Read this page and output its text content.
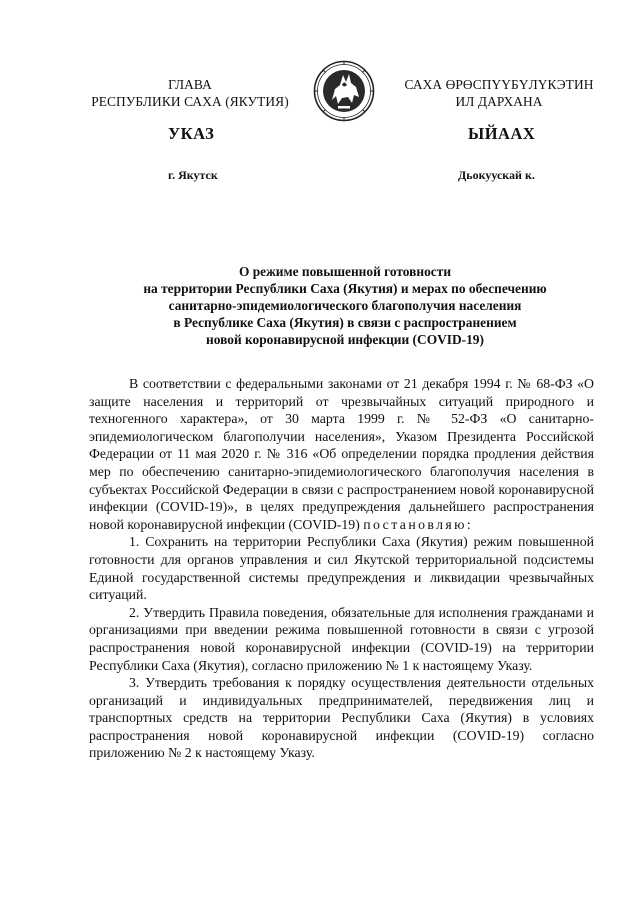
ГЛАВА
РЕСПУБЛИКИ САХА (ЯКУТИЯ)
САХА ӨРӨСПҮҮБҮЛҮКЭТИН
ИЛ ДАРХАНА
УКАЗ	ЫЙААХ
г. Якутск	Дьокуускай к.
О режиме повышенной готовности
на территории Республики Саха (Якутия) и мерах по обеспечению
санитарно-эпидемиологического благополучия населения
в Республике Саха (Якутия) в связи с распространением
новой коронавирусной инфекции (COVID-19)

В соответствии с федеральными законами от 21 декабря 1994 г. № 68-ФЗ «О защите населения и территорий от чрезвычайных ситуаций природного и техногенного характера», от 30 марта 1999 г. № 52-ФЗ «О санитарно-эпидемиологическом благополучии населения», Указом Президента Российской Федерации от 11 мая 2020 г. № 316 «Об определении порядка продления действия мер по обеспечению санитарно-эпидемиологического благополучия населения в субъектах Российской Федерации в связи с распространением новой коронавирусной инфекции (COVID-19)», в целях предупреждения дальнейшего распространения новой коронавирусной инфекции (COVID-19) постановляю:

1. Сохранить на территории Республики Саха (Якутия) режим повышенной готовности для органов управления и сил Якутской территориальной подсистемы Единой государственной системы предупреждения и ликвидации чрезвычайных ситуаций.

2. Утвердить Правила поведения, обязательные для исполнения гражданами и организациями при введении режима повышенной готовности в связи с угрозой распространения новой коронавирусной инфекции (COVID-19) на территории Республики Саха (Якутия), согласно приложению № 1 к настоящему Указу.

3. Утвердить требования к порядку осуществления деятельности отдельных организаций и индивидуальных предпринимателей, передвижения лиц и транспортных средств на территории Республики Саха (Якутия) в условиях распространения новой коронавирусной инфекции (COVID-19) согласно приложению № 2 к настоящему Указу.
